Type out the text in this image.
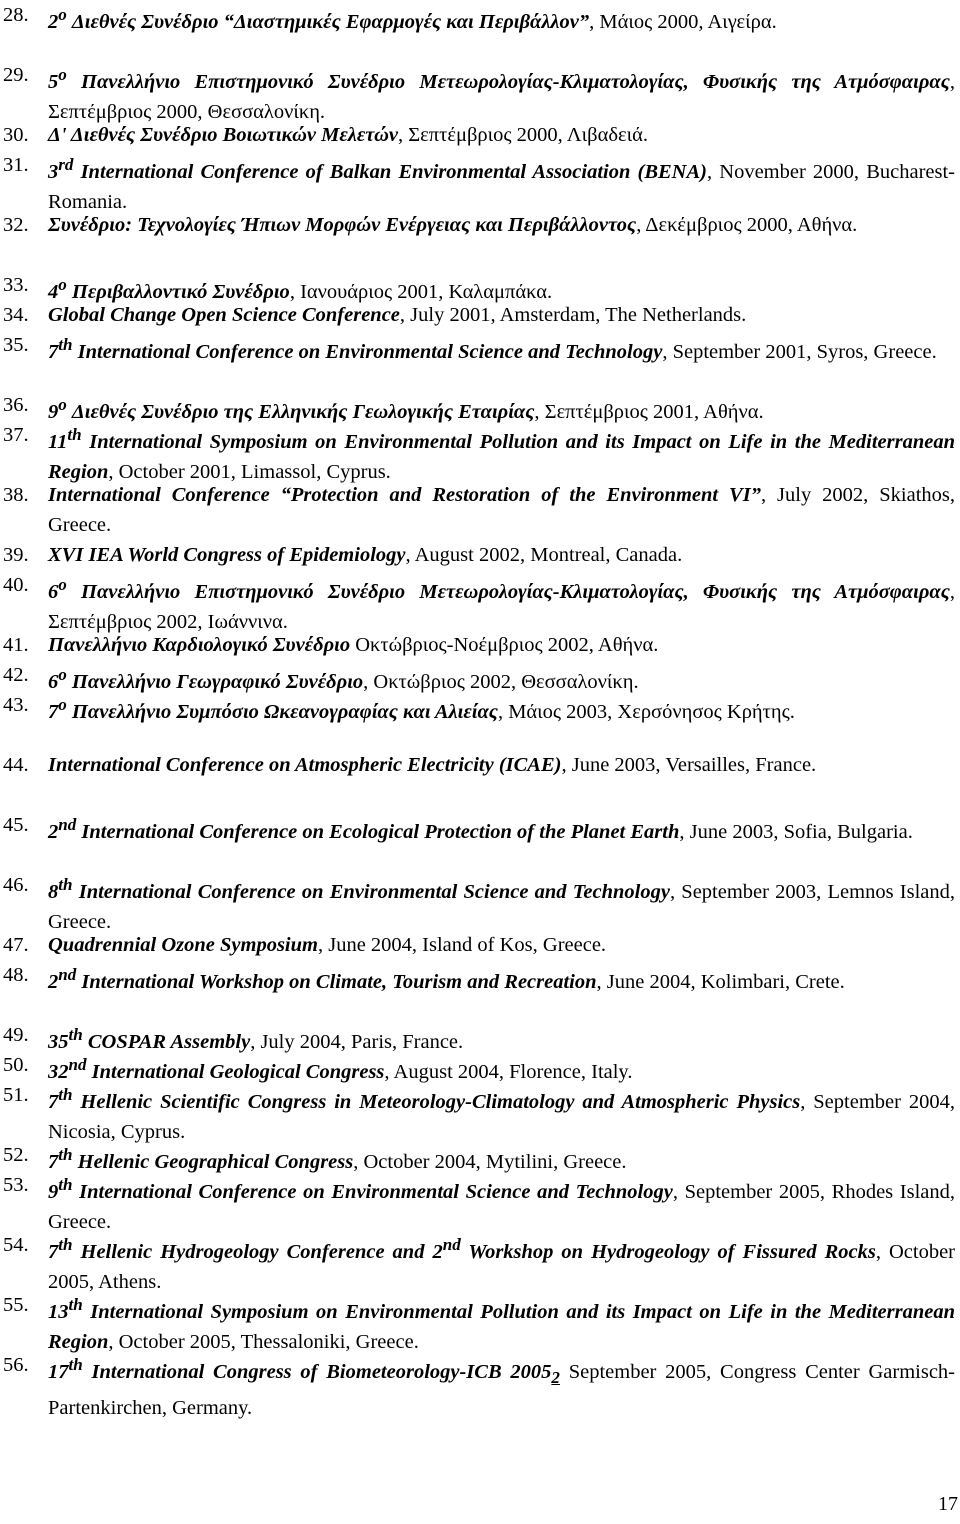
28. 2$^o$ Διεθνές Συνέδριο “Διαστημικές Εφαρμογές και Περιβάλλον”, Μάιος 2000, Αιγείρα.
29. 5$^o$ Πανελλήνιο Επιστημονικό Συνέδριο Μετεωρολογίας-Κλιματολογίας, Φυσικής της Ατμόσφαιρας, Σεπτέμβριος 2000, Θεσσαλονίκη.
30. Δ' Διεθνές Συνέδριο Βοιωτικών Μελετών, Σεπτέμβριος 2000, Λιβαδειά.
31. 3rd International Conference of Balkan Environmental Association (BENA), November 2000, Bucharest-Romania.
32. Συνέδριο: Τεχνολογίες Ήπιων Μορφών Ενέργειας και Περιβάλλοντος, Δεκέμβριος 2000, Αθήνα.
33. 4$^o$ Περιβαλλοντικό Συνέδριο, Ιανουάριος 2001, Καλαμπάκα.
34. Global Change Open Science Conference, July 2001, Amsterdam, The Netherlands.
35. 7th International Conference on Environmental Science and Technology, September 2001, Syros, Greece.
36. 9$^o$ Διεθνές Συνέδριο της Ελληνικής Γεωλογικής Εταιρίας, Σεπτέμβριος 2001, Αθήνα.
37. 11th International Symposium on Environmental Pollution and its Impact on Life in the Mediterranean Region, October 2001, Limassol, Cyprus.
38. International Conference “Protection and Restoration of the Environment VI”, July 2002, Skiathos, Greece.
39. XVI IEA World Congress of Epidemiology, August 2002, Montreal, Canada.
40. 6$^o$ Πανελλήνιο Επιστημονικό Συνέδριο Μετεωρολογίας-Κλιματολογίας, Φυσικής της Ατμόσφαιρας, Σεπτέμβριος 2002, Ιωάννινα.
41. Πανελλήνιο Καρδιολογικό Συνέδριο Οκτώβριος-Νοέμβριος 2002, Αθήνα.
42. 6$^o$ Πανελλήνιο Γεωγραφικό Συνέδριο, Οκτώβριος 2002, Θεσσαλονίκη.
43. 7$^o$ Πανελλήνιο Συμπόσιο Ωκεανογραφίας και Αλιείας, Μάιος 2003, Χερσόνησος Κρήτης.
44. International Conference on Atmospheric Electricity (ICAE), June 2003, Versailles, France.
45. 2nd International Conference on Ecological Protection of the Planet Earth, June 2003, Sofia, Bulgaria.
46. 8th International Conference on Environmental Science and Technology, September 2003, Lemnos Island, Greece.
47. Quadrennial Ozone Symposium, June 2004, Island of Kos, Greece.
48. 2nd International Workshop on Climate, Tourism and Recreation, June 2004, Kolimbari, Crete.
49. 35th COSPAR Assembly, July 2004, Paris, France.
50. 32nd International Geological Congress, August 2004, Florence, Italy.
51. 7th Hellenic Scientific Congress in Meteorology-Climatology and Atmospheric Physics, September 2004, Nicosia, Cyprus.
52. 7th Hellenic Geographical Congress, October 2004, Mytilini, Greece.
53. 9th International Conference on Environmental Science and Technology, September 2005, Rhodes Island, Greece.
54. 7th Hellenic Hydrogeology Conference and 2nd Workshop on Hydrogeology of Fissured Rocks, October 2005, Athens.
55. 13th International Symposium on Environmental Pollution and its Impact on Life in the Mediterranean Region, October 2005, Thessaloniki, Greece.
56. 17th International Congress of Biometeorology-ICB $2005_2$ September 2005, Congress Center Garmisch-Partenkirchen, Germany.
17
